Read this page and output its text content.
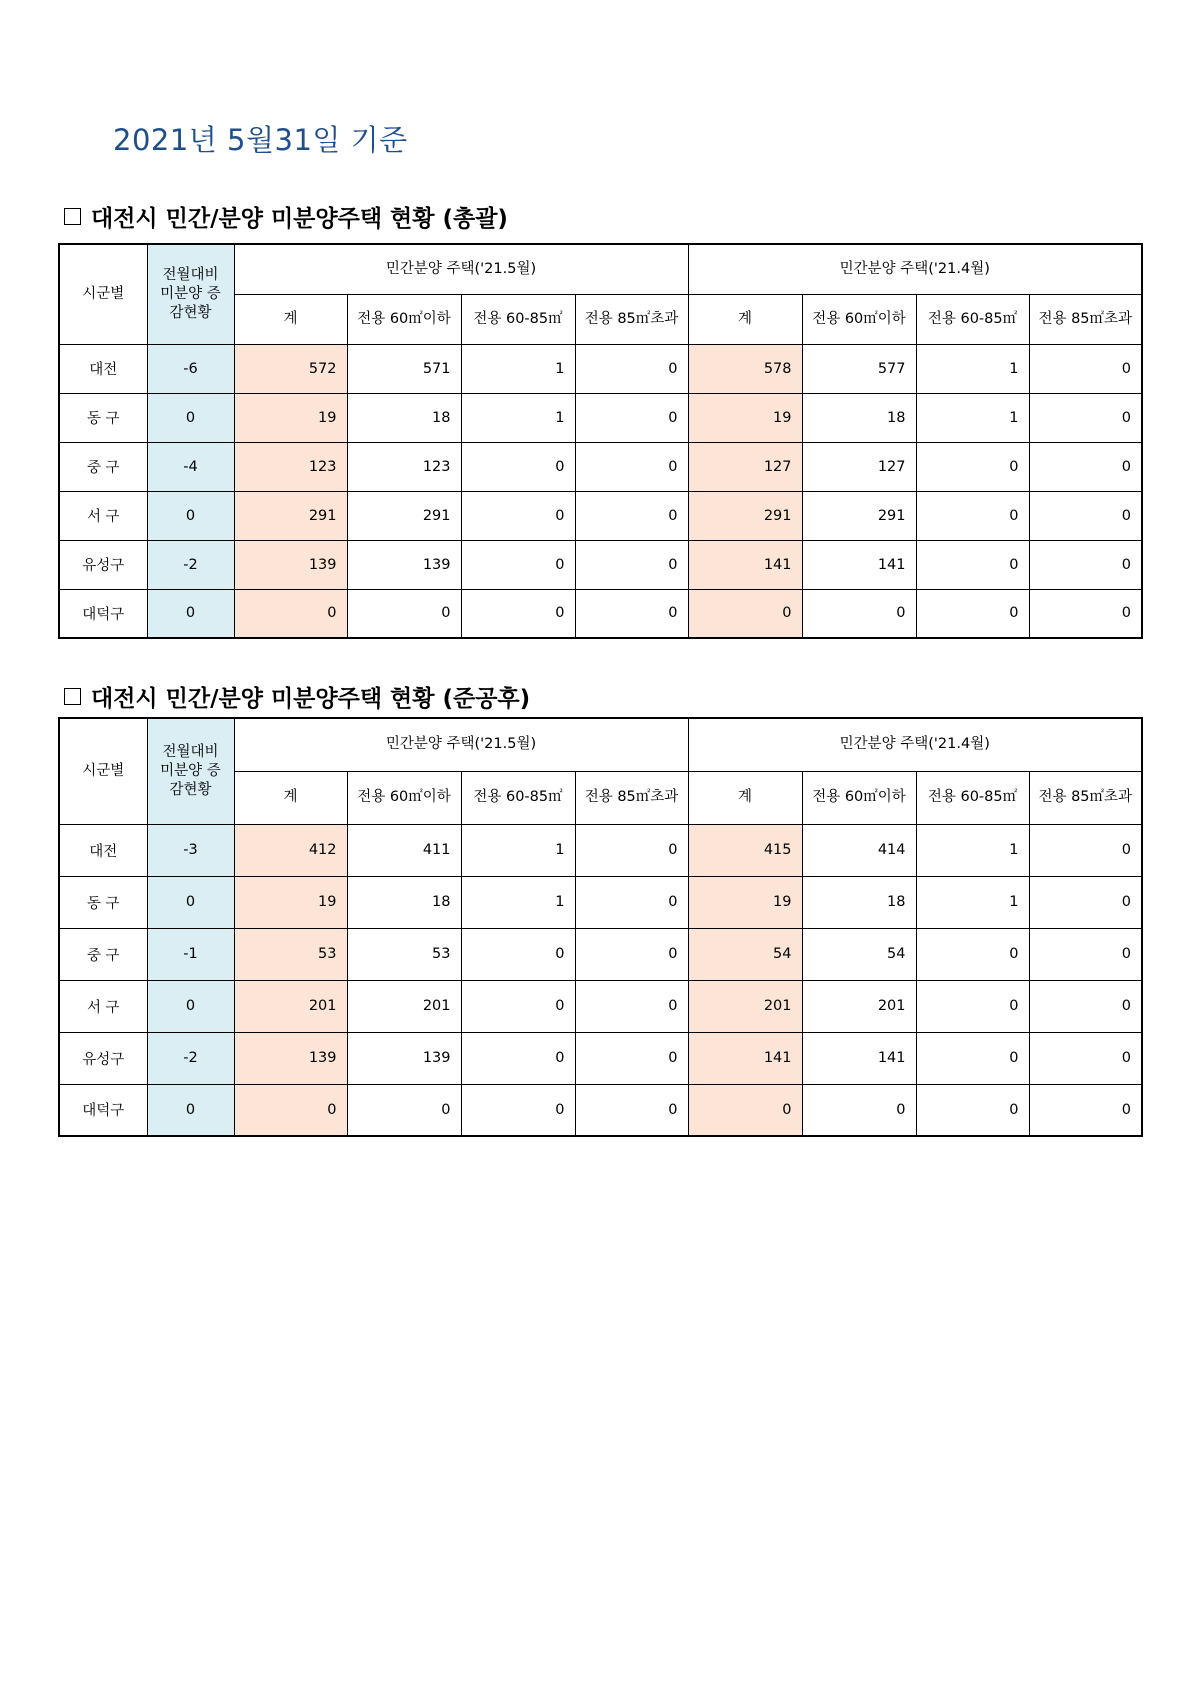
2021년 5월31일 기준
대전시 민간/분양 미분양주택 현황 (총괄)
시군별	전월대비 미분양 증감현황	민간분양 주택('21.5월)				민간분양 주택('21.4월)			
		계	전용 60㎡이하	전용 60-85㎡	전용 85㎡초과	계	전용 60㎡이하	전용 60-85㎡	전용 85㎡초과
대전	-6	572	571	1	0	578	577	1	0
동 구	0	19	18	1	0	19	18	1	0
중 구	-4	123	123	0	0	127	127	0	0
서 구	0	291	291	0	0	291	291	0	0
유성구	-2	139	139	0	0	141	141	0	0
대덕구	0	0	0	0	0	0	0	0	0
대전시 민간/분양 미분양주택 현황 (준공후)
시군별	전월대비 미분양 증감현황	민간분양 주택('21.5월)				민간분양 주택('21.4월)			
		계	전용 60㎡이하	전용 60-85㎡	전용 85㎡초과	계	전용 60㎡이하	전용 60-85㎡	전용 85㎡초과
대전	-3	412	411	1	0	415	414	1	0
동 구	0	19	18	1	0	19	18	1	0
중 구	-1	53	53	0	0	54	54	0	0
서 구	0	201	201	0	0	201	201	0	0
유성구	-2	139	139	0	0	141	141	0	0
대덕구	0	0	0	0	0	0	0	0	0
